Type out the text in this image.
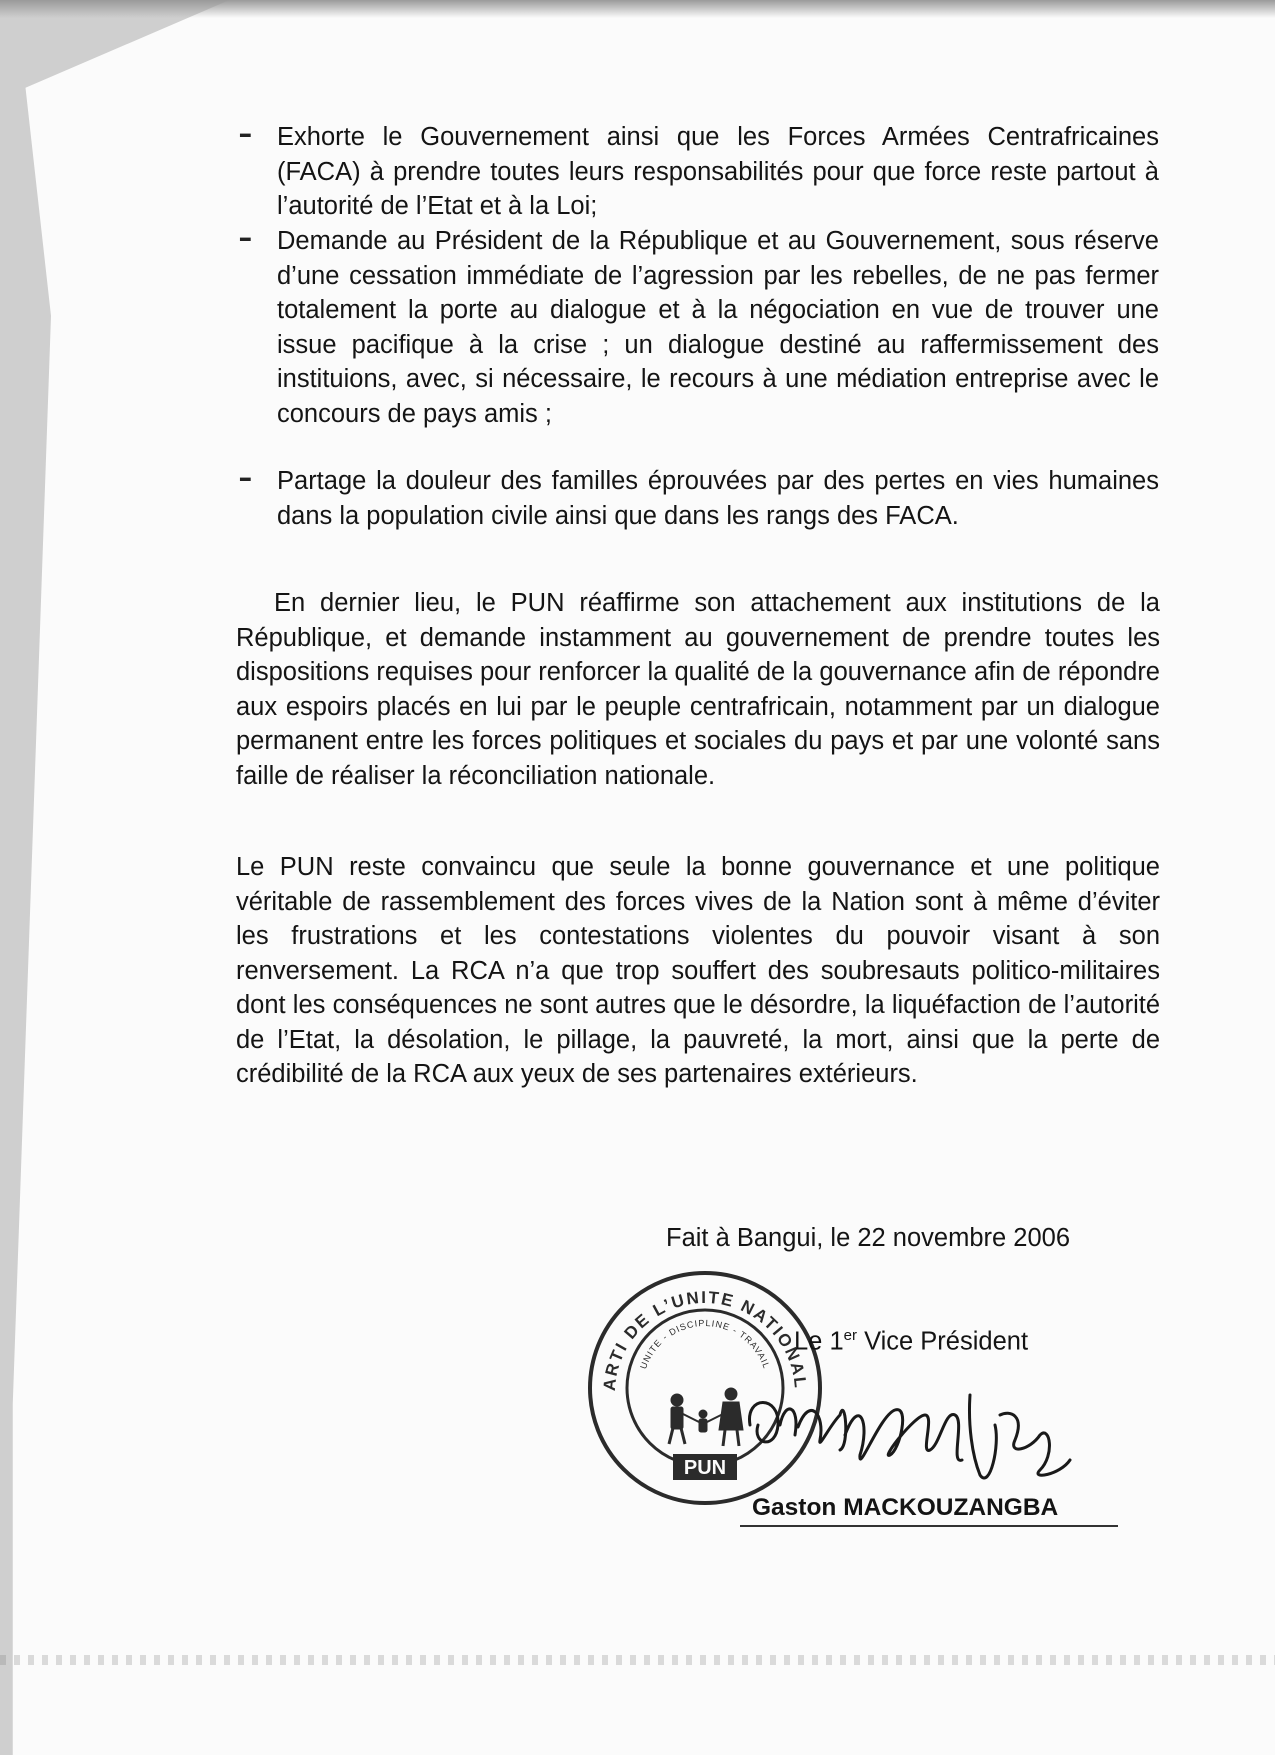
- Exhorte le Gouvernement ainsi que les Forces Armées Centrafricaines (FACA) à prendre toutes leurs responsabilités pour que force reste partout à l’autorité de l’Etat et à la Loi;
- Demande au Président de la République et au Gouvernement, sous réserve d’une cessation immédiate de l’agression par les rebelles, de ne pas fermer totalement la porte au dialogue et à la négociation en vue de trouver une issue pacifique à la crise ; un dialogue destiné au raffermissement des instituions, avec, si nécessaire, le recours à une médiation entreprise avec le concours de pays amis ;
- Partage la douleur des familles éprouvées par des pertes en vies humaines dans la population civile ainsi que dans les rangs des FACA.
En dernier lieu, le PUN réaffirme son attachement aux institutions de la République, et demande instamment au gouvernement de prendre toutes les dispositions requises pour renforcer la qualité de la gouvernance afin de répondre aux espoirs placés en lui par le peuple centrafricain, notamment par un dialogue permanent entre les forces politiques et sociales du pays et par une volonté sans faille de réaliser la réconciliation nationale.
Le PUN reste convaincu que seule la bonne gouvernance et une politique véritable de rassemblement des forces vives de la Nation sont à même d’éviter les frustrations et les contestations violentes du pouvoir visant à son renversement. La RCA n’a que trop souffert des soubresauts politico-militaires dont les conséquences ne sont autres que le désordre, la liquéfaction de l’autorité de l’Etat, la désolation, le pillage, la pauvreté, la mort, ainsi que la perte de crédibilité de la RCA aux yeux de ses partenaires extérieurs.
Fait à Bangui, le 22 novembre 2006
ARTI DE L’UNITE NATIONAL
UNITE - DISCIPLINE - TRAVAIL
PUN
Le 1er Vice Président
Gaston MACKOUZANGBA
